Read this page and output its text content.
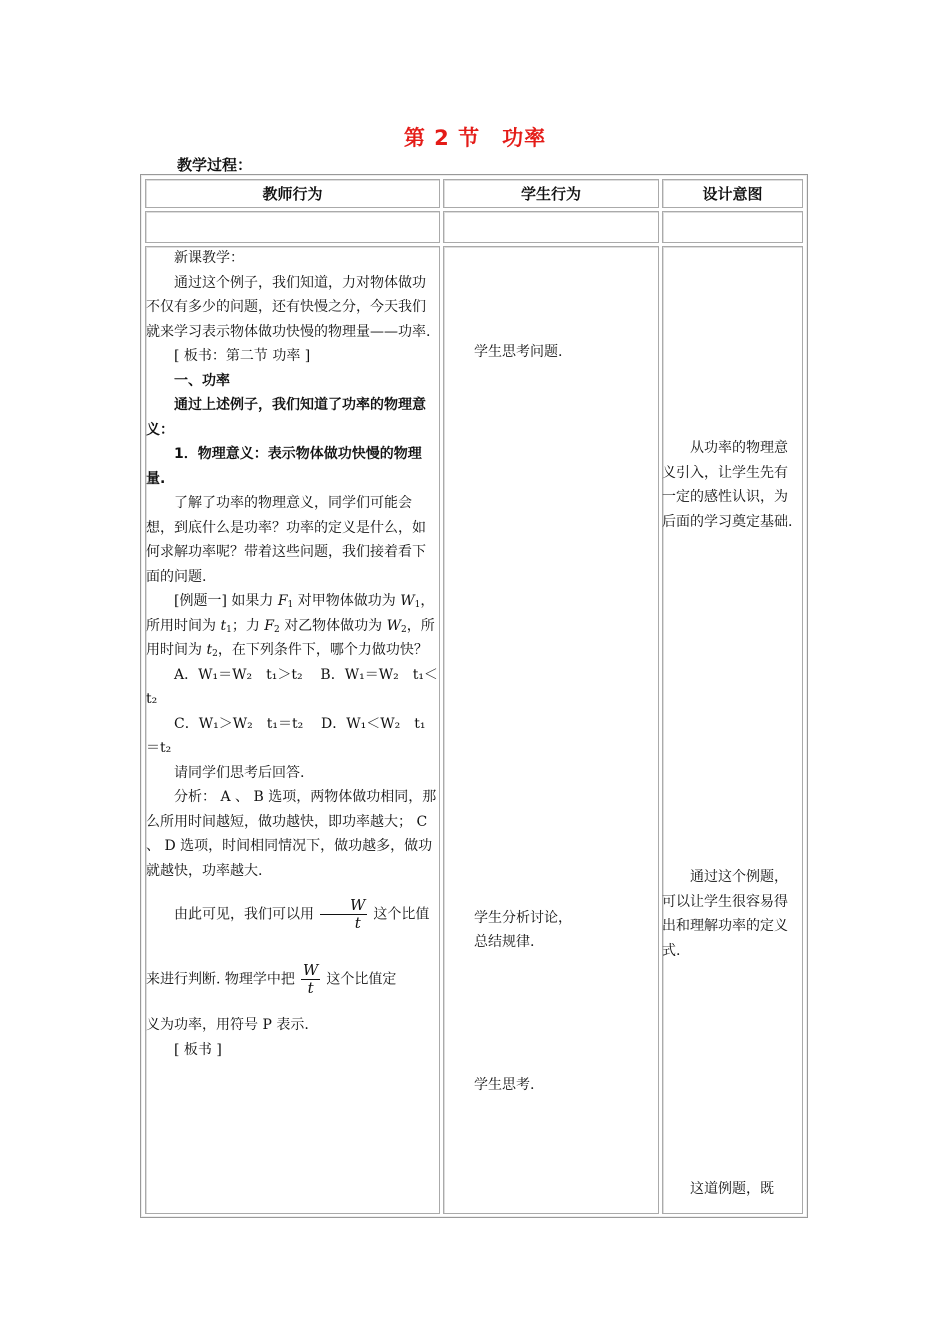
第 2 节　功率
教学过程：
教师行为	学生行为	设计意图

新课教学：

通过这个例子，我们知道，力对物体做功不仅有多少的问题，还有快慢之分，今天我们就来学习表示物体做功快慢的物理量——功率.

[ 板书：第二节 功率 ]

一、功率

通过上述例子，我们知道了功率的物理意义：

1．物理意义：表示物体做功快慢的物理量.

了解了功率的物理意义，同学们可能会想，到底什么是功率？功率的定义是什么，如何求解功率呢？带着这些问题，我们接着看下面的问题.

[例题一] 如果力 $F_1$ 对甲物体做功为 $W_1$，所用时间为 $t_1$；力 $F_2$ 对乙物体做功为 $W_2$，所用时间为 $t_2$，在下列条件下，哪个力做功快？

A．W₁＝W₂　t₁＞t₂ B．W₁＝W₂　t₁＜t₂

C．W₁＞W₂　t₁＝t₂ D．W₁＜W₂　t₁＝t₂

请同学们思考后回答.

分析： A 、 B 选项，两物体做功相同，那么所用时间越短，做功越快，即功率越大； C 、 D 选项，时间相同情况下，做功越多，做功就越快，功率越大.

由此可见，我们可以用 $\frac{W}{t}$ 这个比值

来进行判断. 物理学中把 $\frac{W}{t}$ 这个比值定

义为功率，用符号 P 表示.

[ 板书 ]

学生思考问题.

学生分析讨论，

总结规律.

学生思考.

从功率的物理意义引入，让学生先有一定的感性认识，为后面的学习奠定基础.

通过这个例题，可以让学生很容易得出和理解功率的定义式.

这道例题，既
